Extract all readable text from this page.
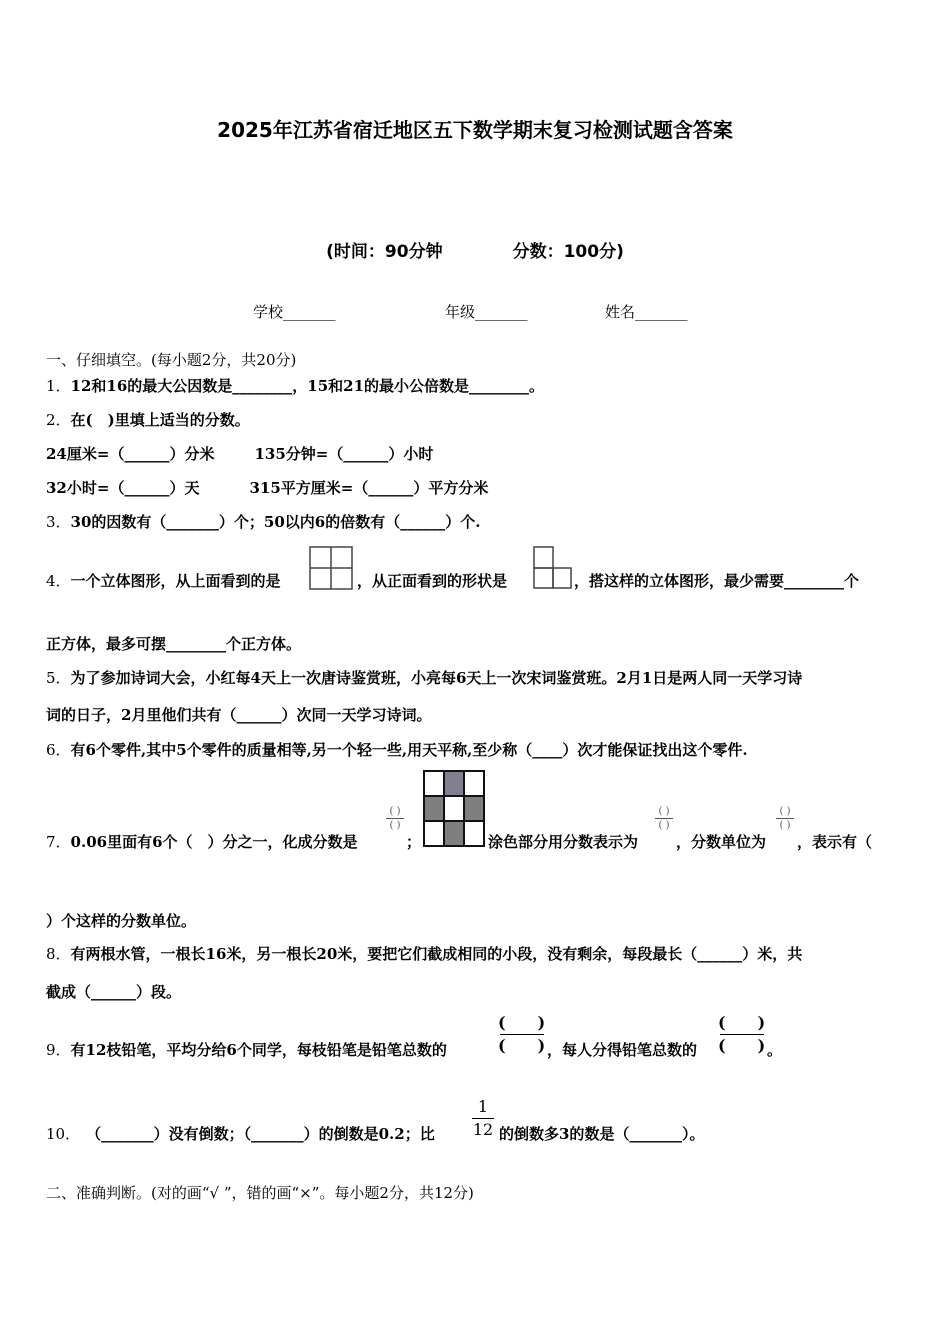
2025年江苏省宿迁地区五下数学期末复习检测试题含答案
(时间：90分钟	分数：100分)
学校_______	年级_______	姓名_______
一、仔细填空。(每小题2分，共20分)
1．12和16的最大公因数是________，15和21的最小公倍数是________。
2．在(　)里填上适当的分数。
24厘米=（______）分米	135分钟=（______）小时
32小时=（______）天	315平方厘米=（______）平方分米
3．30的因数有（_______）个；50以内6的倍数有（______）个.
4．一个立体图形，从上面看到的是	，从正面看到的形状是	，搭这样的立体图形，最少需要________个
正方体，最多可摆________个正方体。
5．为了参加诗词大会，小红每4天上一次唐诗鉴赏班，小亮每6天上一次宋词鉴赏班。2月1日是两人同一天学习诗
词的日子，2月里他们共有（______）次同一天学习诗词。
6．有6个零件,其中5个零件的质量相等,另一个轻一些,用天平称,至少称（____）次才能保证找出这个零件.
7．0.06里面有6个（　）分之一，化成分数是
( )
( )
；	涂色部分用分数表示为
( )
( )
，分数单位为
( )
( )
，表示有（
）个这样的分数单位。
8．有两根水管，一根长16米，另一根长20米，要把它们截成相同的小段，没有剩余，每段最长（______）米，共
截成（______）段。
9．有12枝铅笔，平均分给6个同学，每枝铅笔是铅笔总数的
(　　)
(　　) ，每人分得铅笔总数的
(　　)
(　　) 。
10． （_______）没有倒数；（_______）的倒数是0.2；比
1
12 的倒数多3的数是（_______）。
二、准确判断。(对的画“√ ”，错的画“×”。每小题2分，共12分)
